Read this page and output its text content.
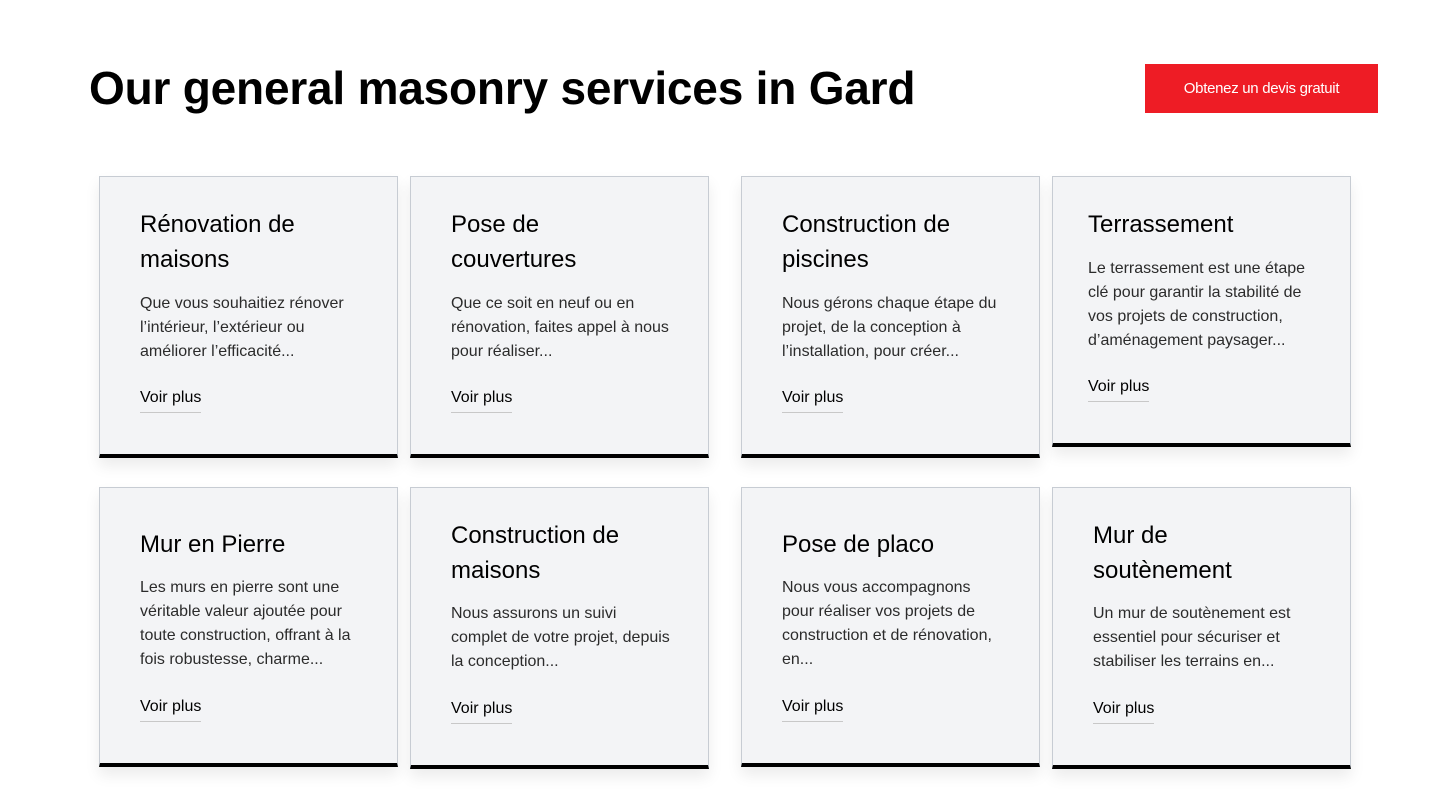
Our general masonry services in Gard	Obtenez un devis gratuit
Rénovation de maisons

Que vous souhaitiez rénover l’intérieur, l’extérieur ou améliorer l’efficacité...

Voir plus
Pose de couvertures

Que ce soit en neuf ou en rénovation, faites appel à nous pour réaliser...

Voir plus
Construction de piscines

Nous gérons chaque étape du projet, de la conception à l’installation, pour créer...

Voir plus
Terrassement

Le terrassement est une étape clé pour garantir la stabilité de vos projets de construction, d’aménagement paysager...

Voir plus
Mur en Pierre

Les murs en pierre sont une véritable valeur ajoutée pour toute construction, offrant à la fois robustesse, charme...

Voir plus
Construction de maisons

Nous assurons un suivi complet de votre projet, depuis la conception...

Voir plus
Pose de placo

Nous vous accompagnons pour réaliser vos projets de construction et de rénovation, en...

Voir plus
Mur de soutènement

Un mur de soutènement est essentiel pour sécuriser et stabiliser les terrains en...

Voir plus
